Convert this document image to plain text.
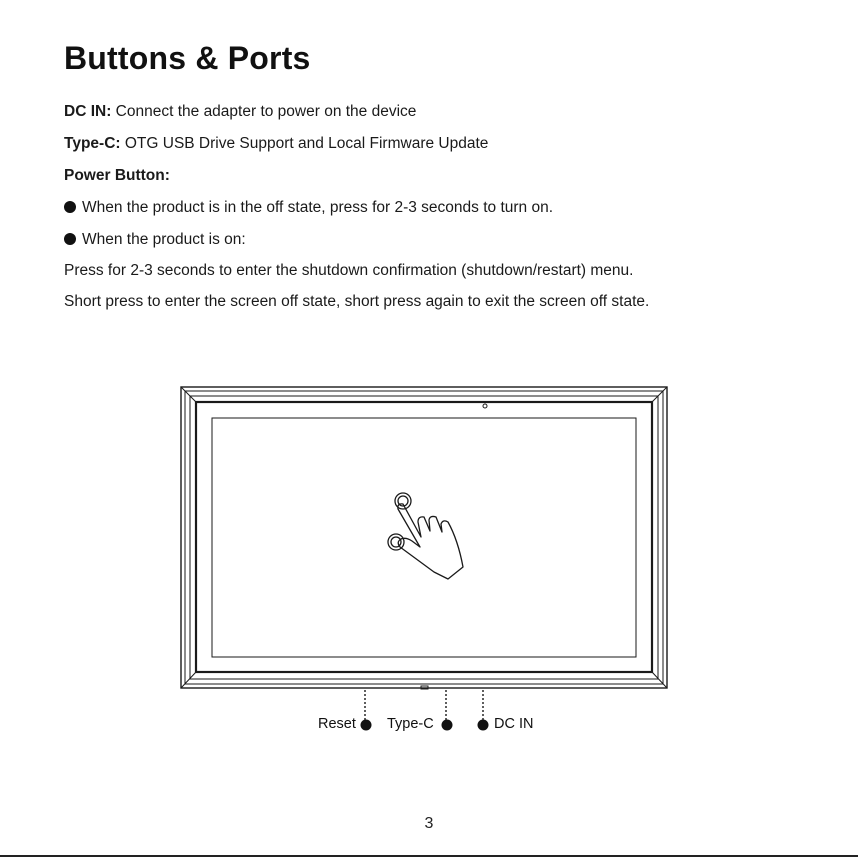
Buttons & Ports
DC IN: Connect the adapter to power on the device
Type-C: OTG USB Drive Support and Local Firmware Update
Power Button:
When the product is in the off state, press for 2-3 seconds to turn on.
When the product is on:
Press for 2-3 seconds to enter the shutdown confirmation (shutdown/restart) menu.
Short press to enter the screen off state, short press again to exit the screen off state.
Reset Type-C	DC IN
3
